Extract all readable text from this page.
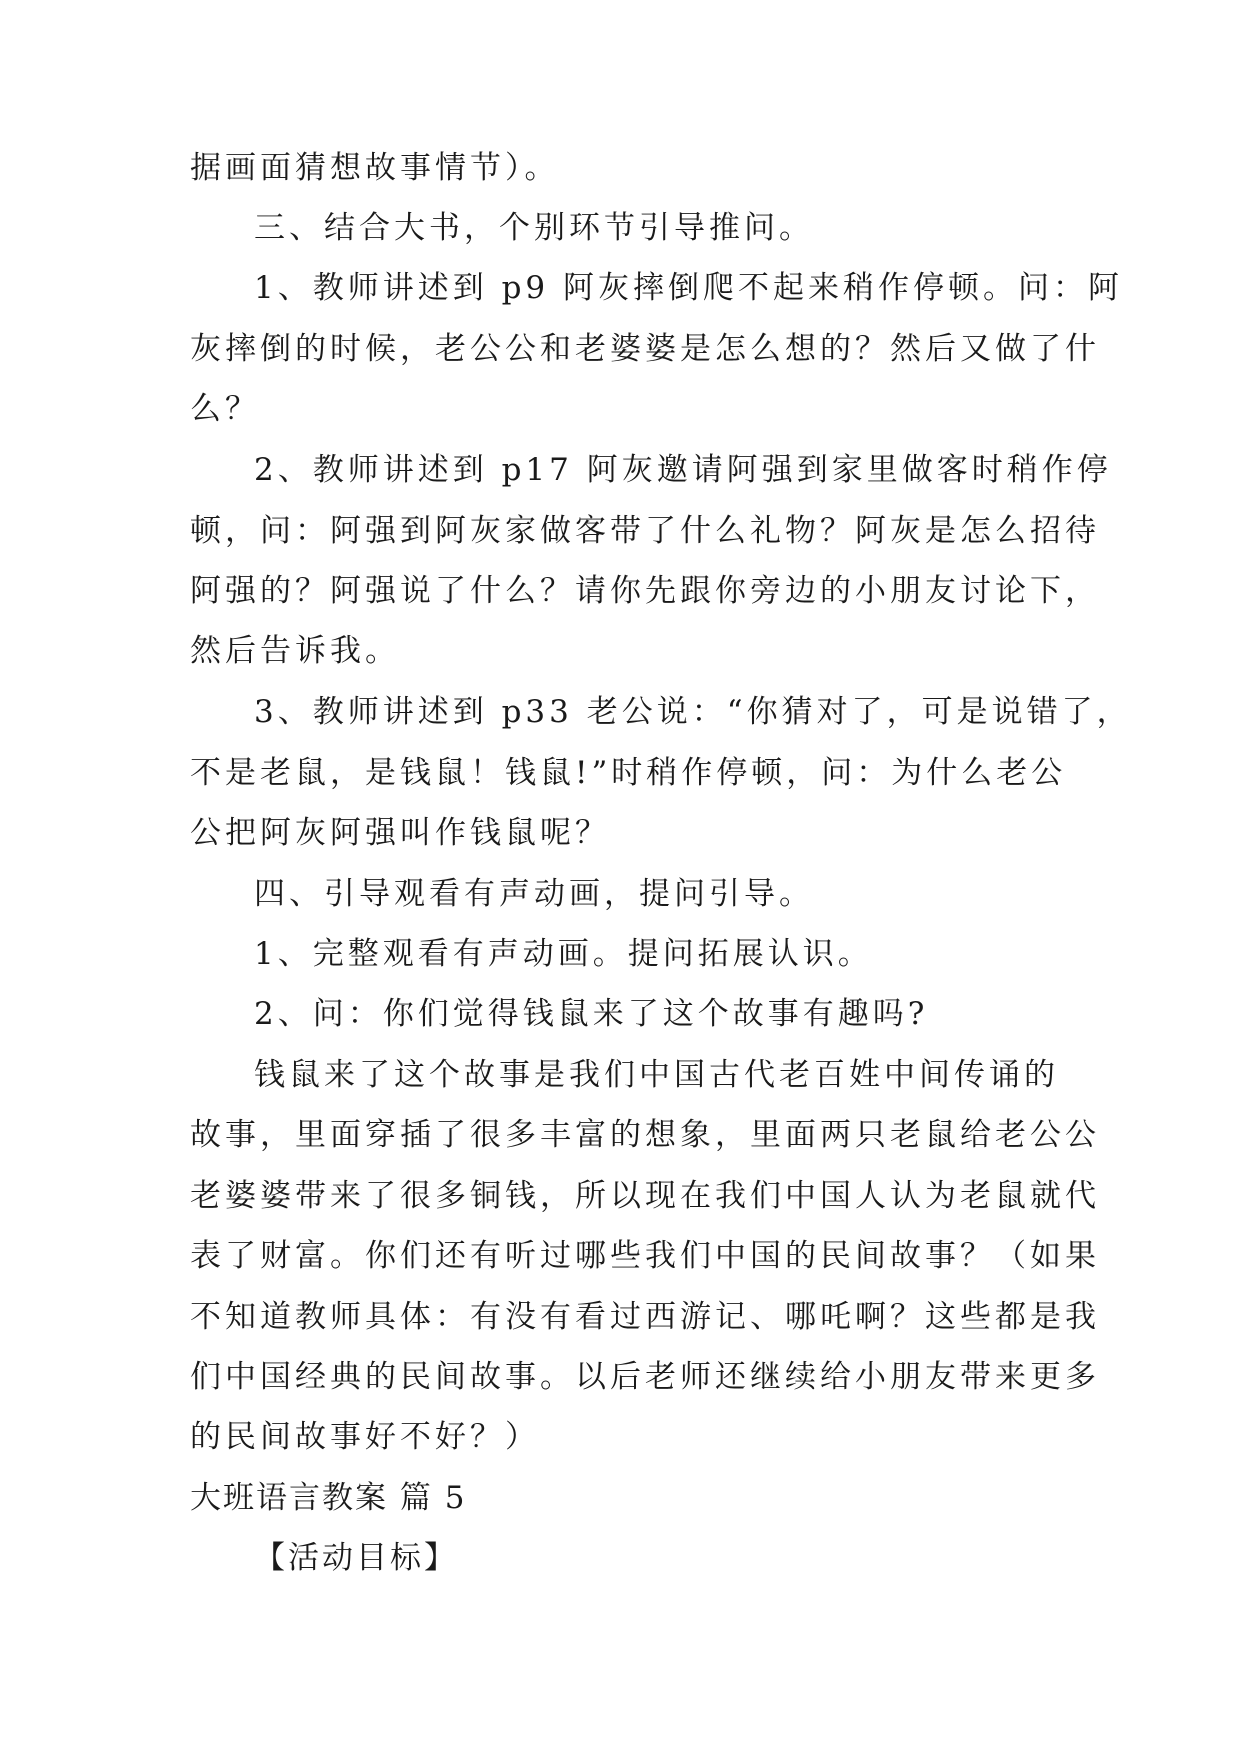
据画面猜想故事情节）。
三、结合大书，个别环节引导推问。
1、教师讲述到 p9 阿灰摔倒爬不起来稍作停顿。问：阿
灰摔倒的时候，老公公和老婆婆是怎么想的？然后又做了什
么？
2、教师讲述到 p17 阿灰邀请阿强到家里做客时稍作停
顿，问：阿强到阿灰家做客带了什么礼物？阿灰是怎么招待
阿强的？阿强说了什么？请你先跟你旁边的小朋友讨论下，
然后告诉我。
3、教师讲述到 p33 老公说：“你猜对了，可是说错了，
不是老鼠，是钱鼠！钱鼠!”时稍作停顿，问：为什么老公
公把阿灰阿强叫作钱鼠呢？
四、引导观看有声动画，提问引导。
1、完整观看有声动画。提问拓展认识。
2、问：你们觉得钱鼠来了这个故事有趣吗?
钱鼠来了这个故事是我们中国古代老百姓中间传诵的
故事，里面穿插了很多丰富的想象，里面两只老鼠给老公公
老婆婆带来了很多铜钱，所以现在我们中国人认为老鼠就代
表了财富。你们还有听过哪些我们中国的民间故事？（如果
不知道教师具体：有没有看过西游记、哪吒啊？这些都是我
们中国经典的民间故事。以后老师还继续给小朋友带来更多
的民间故事好不好？）
大班语言教案 篇 5
【活动目标】
